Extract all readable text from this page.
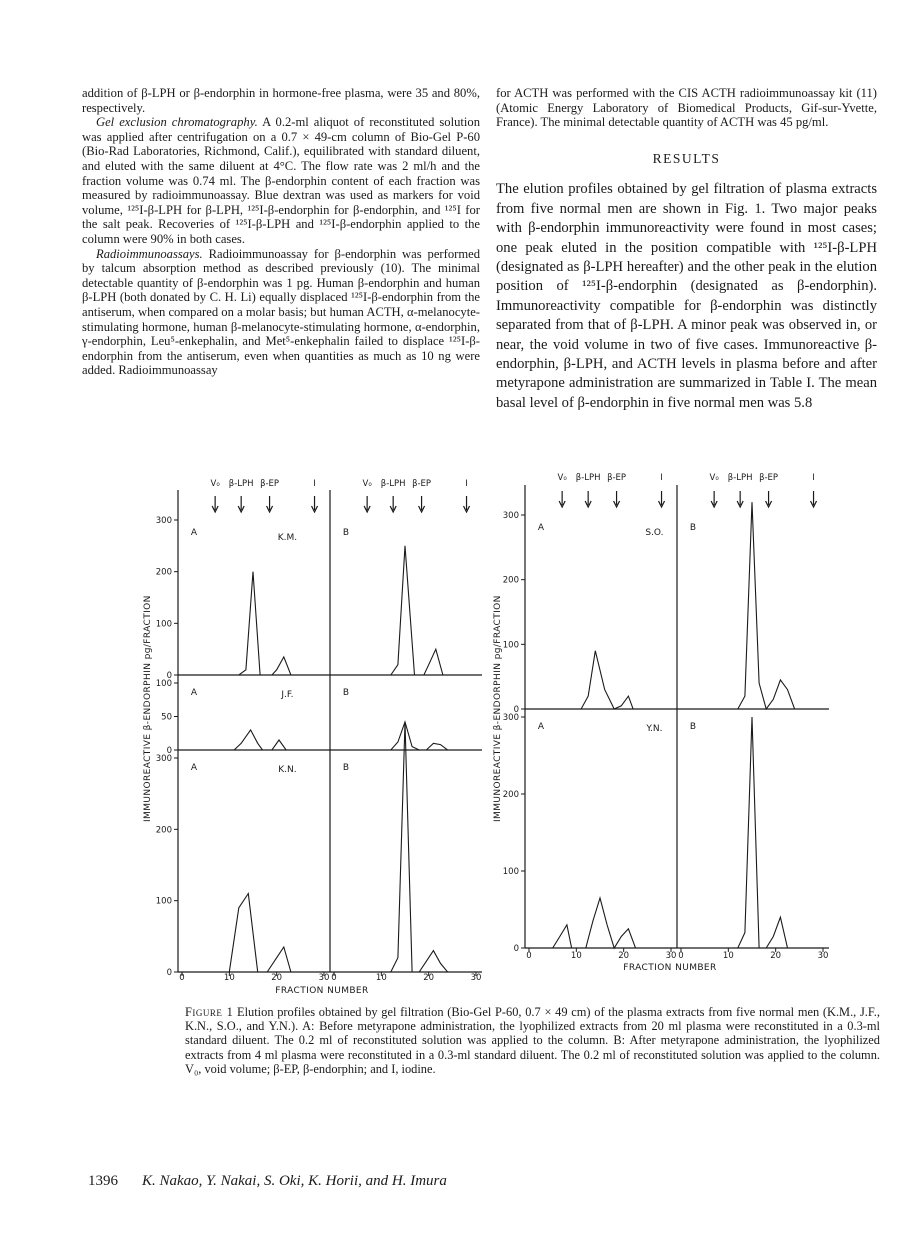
addition of β-LPH or β-endorphin in hormone-free plasma, were 35 and 80%, respectively.

Gel exclusion chromatography. A 0.2-ml aliquot of reconstituted solution was applied after centrifugation on a 0.7 × 49-cm column of Bio-Gel P-60 (Bio-Rad Laboratories, Richmond, Calif.), equilibrated with standard diluent, and eluted with the same diluent at 4°C. The flow rate was 2 ml/h and the fraction volume was 0.74 ml. The β-endorphin content of each fraction was measured by radioimmunoassay. Blue dextran was used as markers for void volume, ¹²⁵I-β-LPH for β-LPH, ¹²⁵I-β-endorphin for β-endorphin, and ¹²⁵I for the salt peak. Recoveries of ¹²⁵I-β-LPH and ¹²⁵I-β-endorphin applied to the column were 90% in both cases.

Radioimmunoassays. Radioimmunoassay for β-endorphin was performed by talcum absorption method as described previously (10). The minimal detectable quantity of β-endorphin was 1 pg. Human β-endorphin and human β-LPH (both donated by C. H. Li) equally displaced ¹²⁵I-β-endorphin from the antiserum, when compared on a molar basis; but human ACTH, α-melanocyte-stimulating hormone, human β-melanocyte-stimulating hormone, α-endorphin, γ-endorphin, Leu⁵-enkephalin, and Met⁵-enkephalin failed to displace ¹²⁵I-β-endorphin from the antiserum, even when quantities as much as 10 ng were added. Radioimmunoassay

for ACTH was performed with the CIS ACTH radioimmunoassay kit (11) (Atomic Energy Laboratory of Biomedical Products, Gif-sur-Yvette, France). The minimal detectable quantity of ACTH was 45 pg/ml.

RESULTS

The elution profiles obtained by gel filtration of plasma extracts from five normal men are shown in Fig. 1. Two major peaks with β-endorphin immunoreactivity were found in most cases; one peak eluted in the position compatible with ¹²⁵I-β-LPH (designated as β-LPH hereafter) and the other peak in the elution position of ¹²⁵I-β-endorphin (designated as β-endorphin). Immunoreactivity compatible for β-endorphin was distinctly separated from that of β-LPH. A minor peak was observed in, or near, the void volume in two of five cases. Immunoreactive β-endorphin, β-LPH, and ACTH levels in plasma before and after metyrapone administration are summarized in Table I. The mean basal level of β-endorphin in five normal men was 5.8

V₀ β-LPH β-EP	I	V₀ β-LPH β-EP	I
A	K.M.
0
100
200
300
B
A	J.F.
0
50
100
B
A	K.N.
0
100
200
300
B
0	10	20	30 0	10	20	30
V₀ β-LPH β-EP	I	V₀ β-LPH β-EP	I
A	S.O.
0
100
200
300
B
A	Y.N.
0
100
200
300
B
0	10	20	30 0	10	20	30
IMMUNOREACTIVE β-ENDORPHIN pg/FRACTION	IMMUNOREACTIVE β-ENDORPHIN pg/FRACTION
FRACTION NUMBER
FRACTION NUMBER
Figure 1 Elution profiles obtained by gel filtration (Bio-Gel P-60, 0.7 × 49 cm) of the plasma extracts from five normal men (K.M., J.F., K.N., S.O., and Y.N.). A: Before metyrapone administration, the lyophilized extracts from 20 ml plasma were reconstituted in a 0.3-ml standard diluent. The 0.2 ml of reconstituted solution was applied to the column. B: After metyrapone administration, the lyophilized extracts from 4 ml plasma were reconstituted in a 0.3-ml standard diluent. The 0.2 ml of reconstituted solution was applied to the column. V₀, void volume; β-EP, β-endorphin; and I, iodine.
1396 K. Nakao, Y. Nakai, S. Oki, K. Horii, and H. Imura
